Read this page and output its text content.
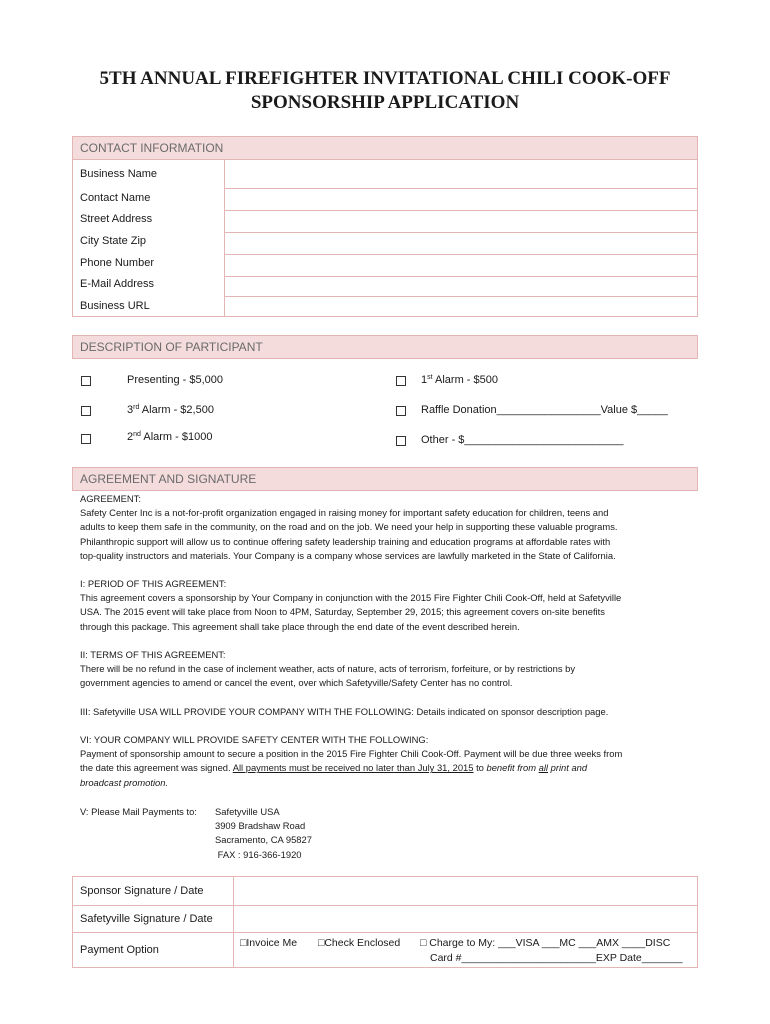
5TH ANNUAL FIREFIGHTER INVITATIONAL CHILI COOK-OFF
SPONSORSHIP APPLICATION
CONTACT INFORMATION
Business Name
Contact Name
Street Address
City State Zip
Phone Number
E-Mail Address
Business URL
DESCRIPTION OF PARTICIPANT
Presenting - $5,000	1st Alarm - $500
3rd Alarm - $2,500	Raffle Donation_________________Value $_____
2nd Alarm - $1000	Other - $__________________________
AGREEMENT AND SIGNATURE

AGREEMENT:

Safety Center Inc is a not-for-profit organization engaged in raising money for important safety education for children, teens and

adults to keep them safe in the community, on the road and on the job. We need your help in supporting these valuable programs.

Philanthropic support will allow us to continue offering safety leadership training and education programs at affordable rates with

top-quality instructors and materials. Your Company is a company whose services are lawfully marketed in the State of California.

I: PERIOD OF THIS AGREEMENT:

This agreement covers a sponsorship by Your Company in conjunction with the 2015 Fire Fighter Chili Cook-Off, held at Safetyville

USA. The 2015 event will take place from Noon to 4PM, Saturday, September 29, 2015; this agreement covers on-site benefits

through this package. This agreement shall take place through the end date of the event described herein.

II: TERMS OF THIS AGREEMENT:

There will be no refund in the case of inclement weather, acts of nature, acts of terrorism, forfeiture, or by restrictions by

government agencies to amend or cancel the event, over which Safetyville/Safety Center has no control.

III: Safetyville USA WILL PROVIDE YOUR COMPANY WITH THE FOLLOWING: Details indicated on sponsor description page.

VI: YOUR COMPANY WILL PROVIDE SAFETY CENTER WITH THE FOLLOWING:

Payment of sponsorship amount to secure a position in the 2015 Fire Fighter Chili Cook-Off. Payment will be due three weeks from

the date this agreement was signed. All payments must be received no later than July 31, 2015 to benefit from all print and

broadcast promotion.

V: Please Mail Payments to:	Safetyville USA

3909 Bradshaw Road

Sacramento, CA 95827

FAX : 916-366-1920

Sponsor Signature / Date
Safetyville Signature / Date
Payment Option
□Invoice Me □Check Enclosed □ Charge to My: ___VISA ___MC ___AMX ____DISC
Card #_______________________EXP Date_______
